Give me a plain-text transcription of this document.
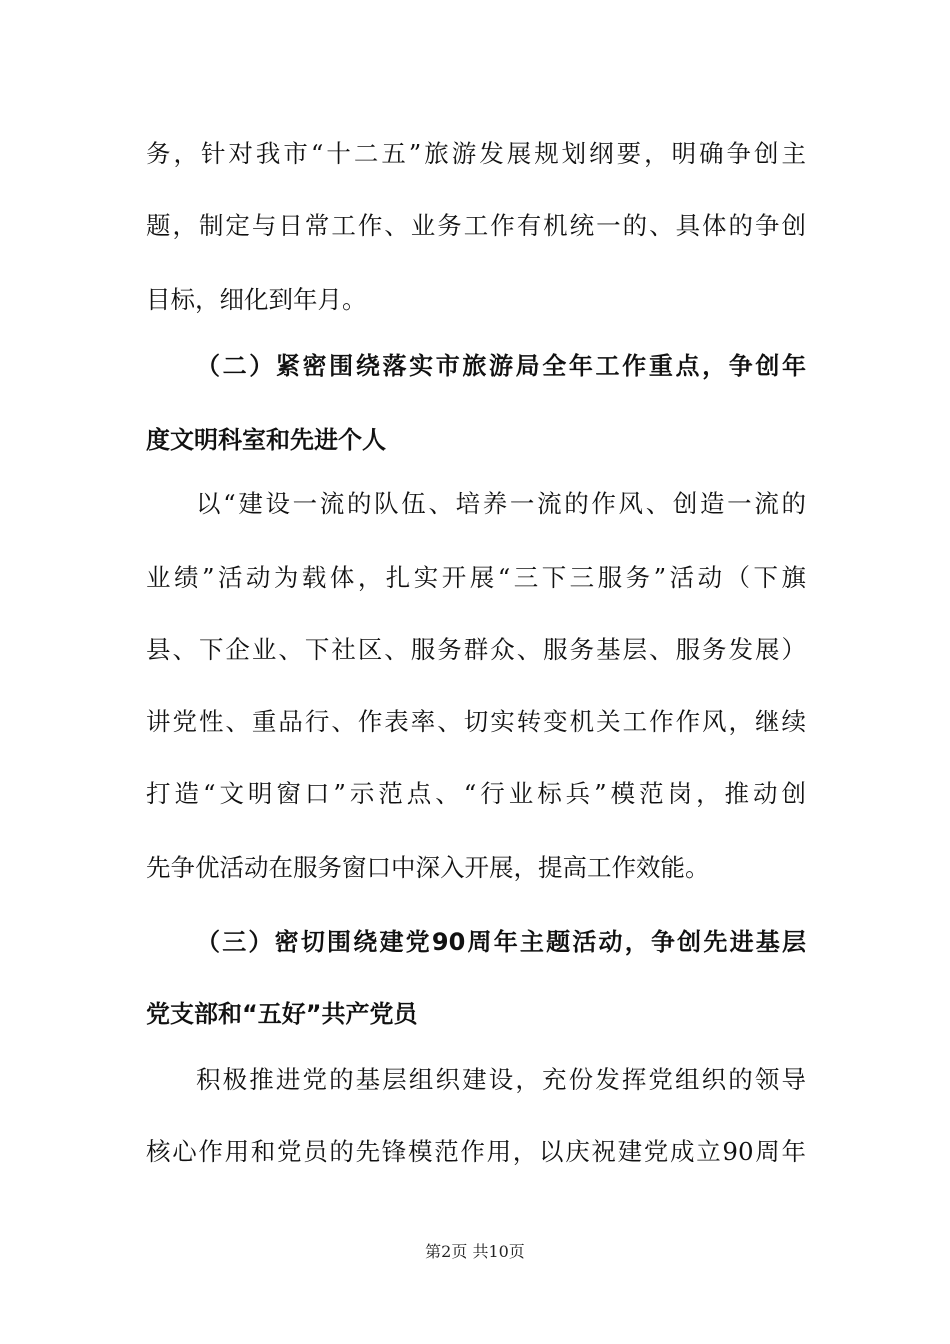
务，针对我市“十二五”旅游发展规划纲要，明确争创主
题，制定与日常工作、业务工作有机统一的、具体的争创
目标，细化到年月。
（二）紧密围绕落实市旅游局全年工作重点，争创年
度文明科室和先进个人
以“建设一流的队伍、培养一流的作风、创造一流的
业绩”活动为载体，扎实开展“三下三服务”活动（下旗
县、下企业、下社区、服务群众、服务基层、服务发展）
讲党性、重品行、作表率、切实转变机关工作作风，继续
打造“文明窗口”示范点、“行业标兵”模范岗，推动创
先争优活动在服务窗口中深入开展，提高工作效能。
（三）密切围绕建党90周年主题活动，争创先进基层
党支部和“五好”共产党员
积极推进党的基层组织建设，充份发挥党组织的领导
核心作用和党员的先锋模范作用，以庆祝建党成立90周年
第2页 共10页
